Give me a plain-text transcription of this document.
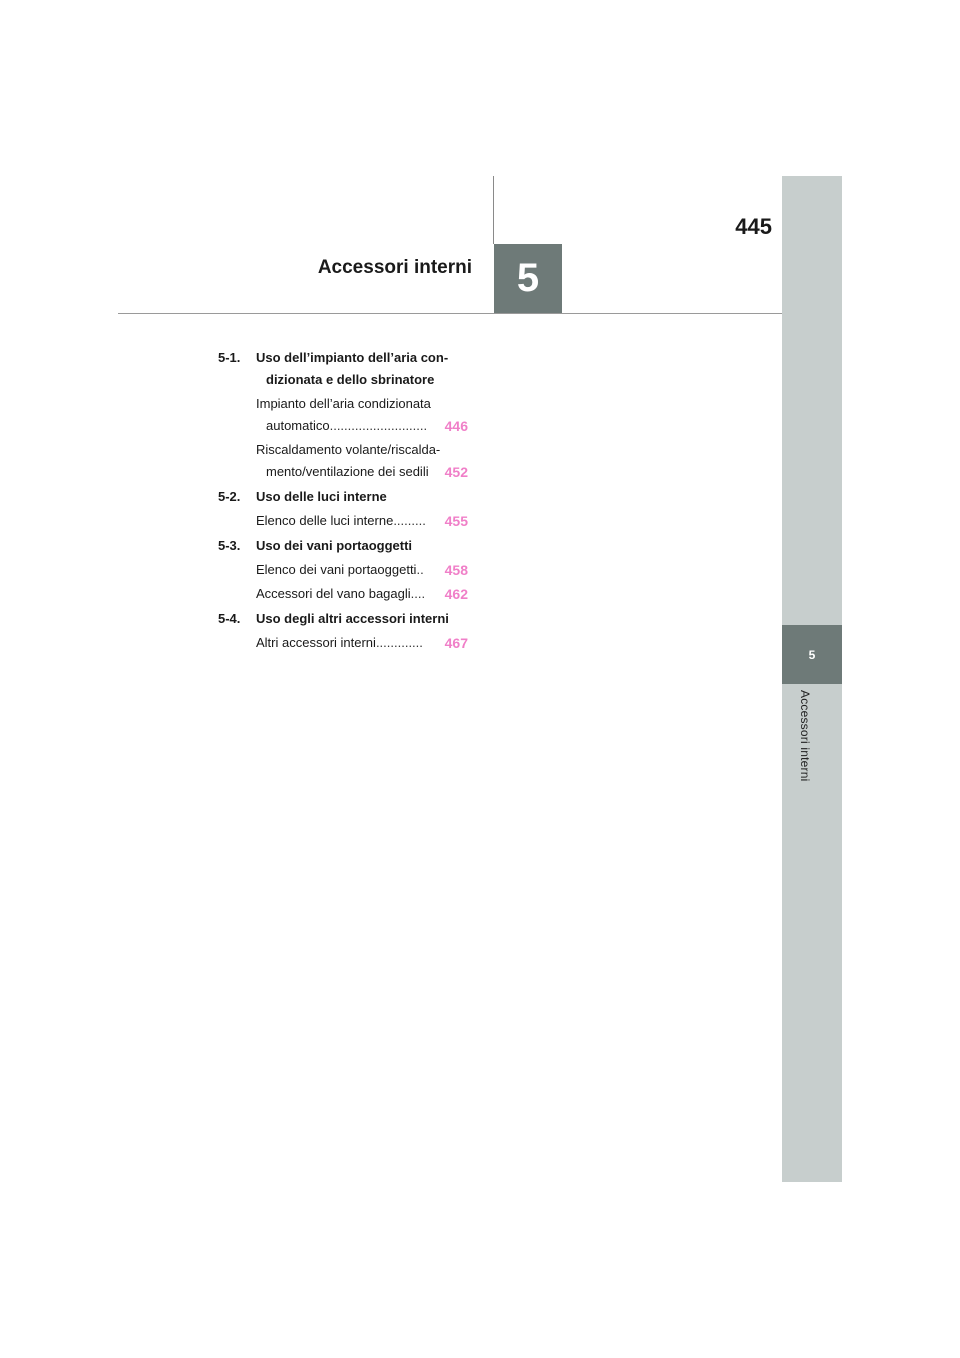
5
Accessori interni
445
Accessori interni	5
5-1.	Uso dell’impianto dell’aria con-
dizionata e dello sbrinatore
Impianto dell’aria condizionata
automatico ...........................	446
Riscaldamento volante/riscalda-
mento/ventilazione dei sedili 452
5-2.	Uso delle luci interne
Elenco delle luci interne .........	455
5-3.	Uso dei vani portaoggetti
Elenco dei vani portaoggetti ..	458
Accessori del vano bagagli ....	462
5-4.	Uso degli altri accessori interni
Altri accessori interni .............	467
